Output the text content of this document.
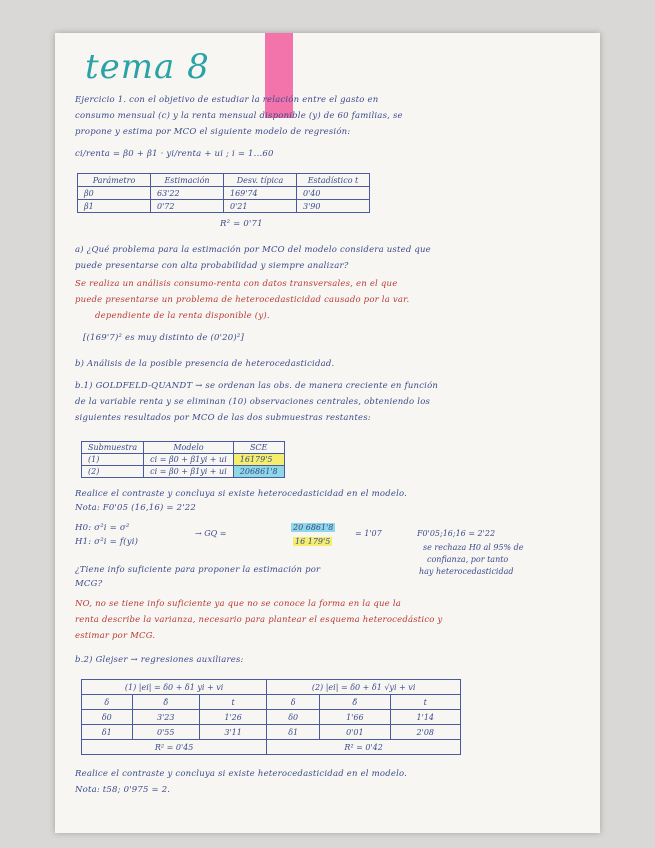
tema 8
Ejercicio 1. con el objetivo de estudiar la relación entre el gasto en
consumo mensual (c) y la renta mensual disponible (y) de 60 familias, se
propone y estima por MCO el siguiente modelo de regresión:
ci/renta = β0 + β1 · yi/renta + ui ; i = 1...60
Parámetro	Estimación	Desv. típica	Estadístico t
β0	63'22	169'74	0'40
β1	0'72	0'21	3'90
R² = 0'71
a) ¿Qué problema para la estimación por MCO del modelo considera usted que
puede presentarse con alta probabilidad y siempre analizar?
Se realiza un análisis consumo-renta con datos transversales, en el que
puede presentarse un problema de heterocedasticidad causado por la var.
dependiente de la renta disponible (y).
[(169'7)² es muy distinto de (0'20)²]
b) Análisis de la posible presencia de heterocedasticidad.
b.1) GOLDFELD-QUANDT → se ordenan las obs. de manera creciente en función
de la variable renta y se eliminan (10) observaciones centrales, obteniendo los
siguientes resultados por MCO de las dos submuestras restantes:
Submuestra	Modelo	SCE
(1)	ci = β0 + β1yi + ui	16179'5
(2)	ci = β0 + β1yi + ui	206861'8
Realice el contraste y concluya si existe heterocedasticidad en el modelo.
Nota: F0'05 (16,16) = 2'22
H0: σ²i = σ²
H1: σ²i = f(yi)
→ GQ =
20 6861'8
16 179'5
= 1'07	F0'05;16;16 = 2'22
se rechaza H0 al 95% de
confianza, por tanto
hay heterocedasticidad
¿Tiene info suficiente para proponer la estimación por
MCG?
NO, no se tiene info suficiente ya que no se conoce la forma en la que la
renta describe la varianza, necesario para plantear el esquema heterocedástico y
estimar por MCG.
b.2) Glejser → regresiones auxiliares:
(1) |ei| = δ0 + δ1 yi + vi			(2) |ei| = δ0 + δ1 √yi + vi		
δ	δ̂	t	δ	δ̂	t
δ0	3'23	1'26	δ0	1'66	1'14
δ1	0'55	3'11	δ1	0'01	2'08
R² = 0'45			R² = 0'42		
Realice el contraste y concluya si existe heterocedasticidad en el modelo.
Nota: t58; 0'975 = 2.
